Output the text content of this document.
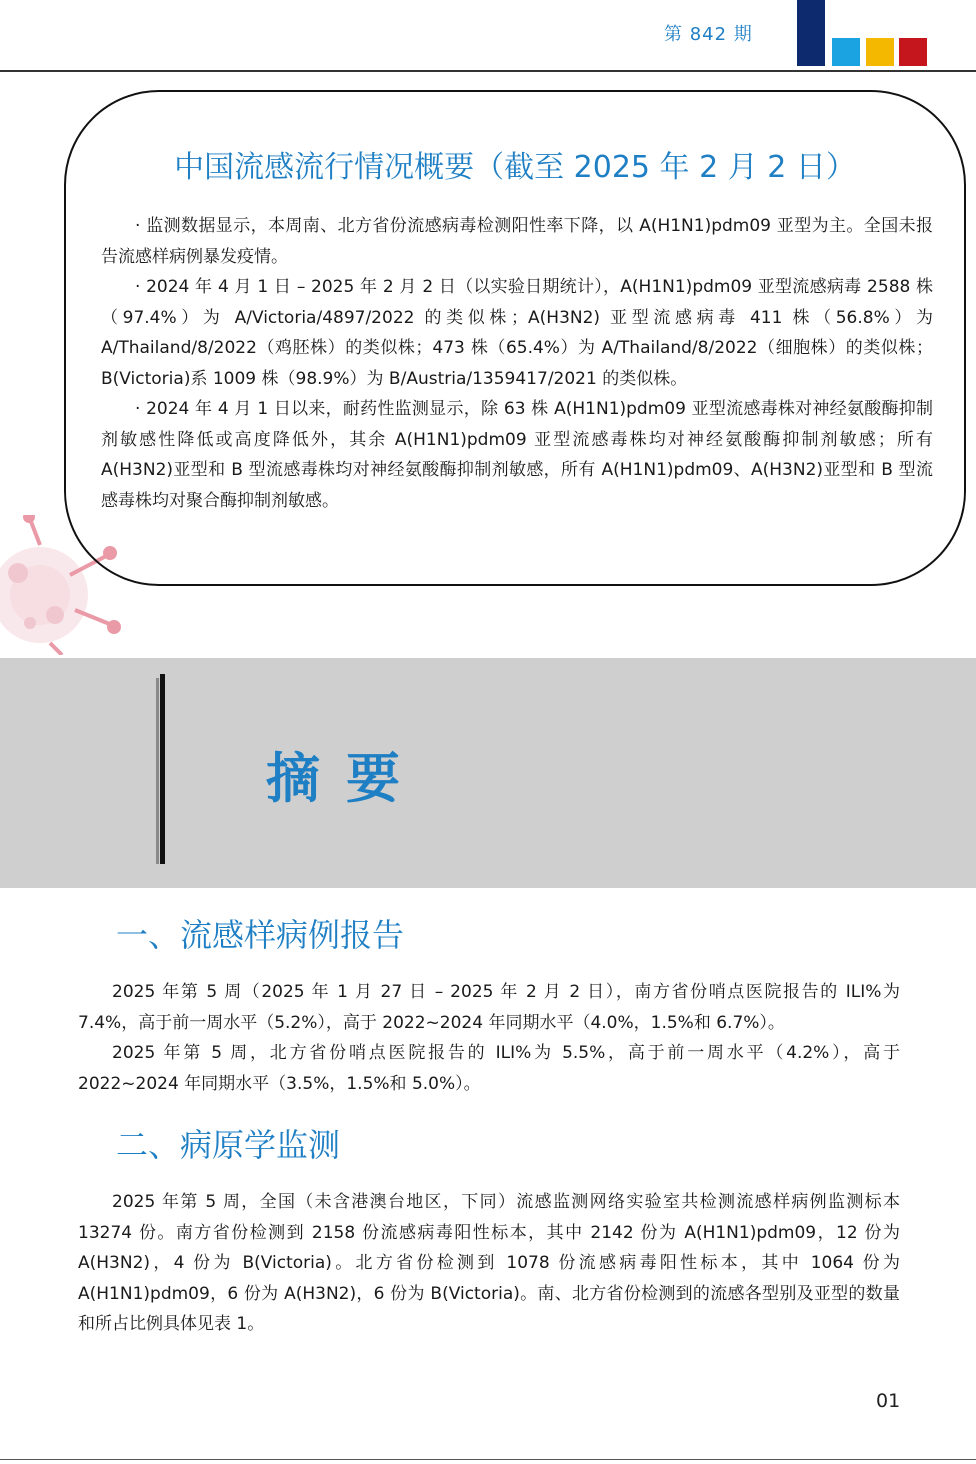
第 842 期
中国流感流行情况概要（截至 2025 年 2 月 2 日）

· 监测数据显示，本周南、北方省份流感病毒检测阳性率下降，以 A(H1N1)pdm09 亚型为主。全国未报告流感样病例暴发疫情。

· 2024 年 4 月 1 日 – 2025 年 2 月 2 日（以实验日期统计），A(H1N1)pdm09 亚型流感病毒 2588 株（97.4%）为 A/Victoria/4897/2022 的类似株；A(H3N2) 亚型流感病毒 411 株（56.8%）为 A/Thailand/8/2022（鸡胚株）的类似株；473 株（65.4%）为 A/Thailand/8/2022（细胞株）的类似株；B(Victoria)系 1009 株（98.9%）为 B/Austria/1359417/2021 的类似株。

· 2024 年 4 月 1 日以来，耐药性监测显示，除 63 株 A(H1N1)pdm09 亚型流感毒株对神经氨酸酶抑制剂敏感性降低或高度降低外，其余 A(H1N1)pdm09 亚型流感毒株均对神经氨酸酶抑制剂敏感；所有 A(H3N2)亚型和 B 型流感毒株均对神经氨酸酶抑制剂敏感，所有 A(H1N1)pdm09、A(H3N2)亚型和 B 型流感毒株均对聚合酶抑制剂敏感。

摘要
一、流感样病例报告

2025 年第 5 周（2025 年 1 月 27 日 – 2025 年 2 月 2 日），南方省份哨点医院报告的 ILI%为 7.4%，高于前一周水平（5.2%），高于 2022~2024 年同期水平（4.0%，1.5%和 6.7%）。

2025 年第 5 周，北方省份哨点医院报告的 ILI%为 5.5%，高于前一周水平（4.2%），高于 2022~2024 年同期水平（3.5%，1.5%和 5.0%）。

二、病原学监测

2025 年第 5 周，全国（未含港澳台地区，下同）流感监测网络实验室共检测流感样病例监测标本 13274 份。南方省份检测到 2158 份流感病毒阳性标本，其中 2142 份为 A(H1N1)pdm09，12 份为 A(H3N2)，4 份为 B(Victoria)。北方省份检测到 1078 份流感病毒阳性标本，其中 1064 份为 A(H1N1)pdm09，6 份为 A(H3N2)，6 份为 B(Victoria)。南、北方省份检测到的流感各型别及亚型的数量和所占比例具体见表 1。

01
